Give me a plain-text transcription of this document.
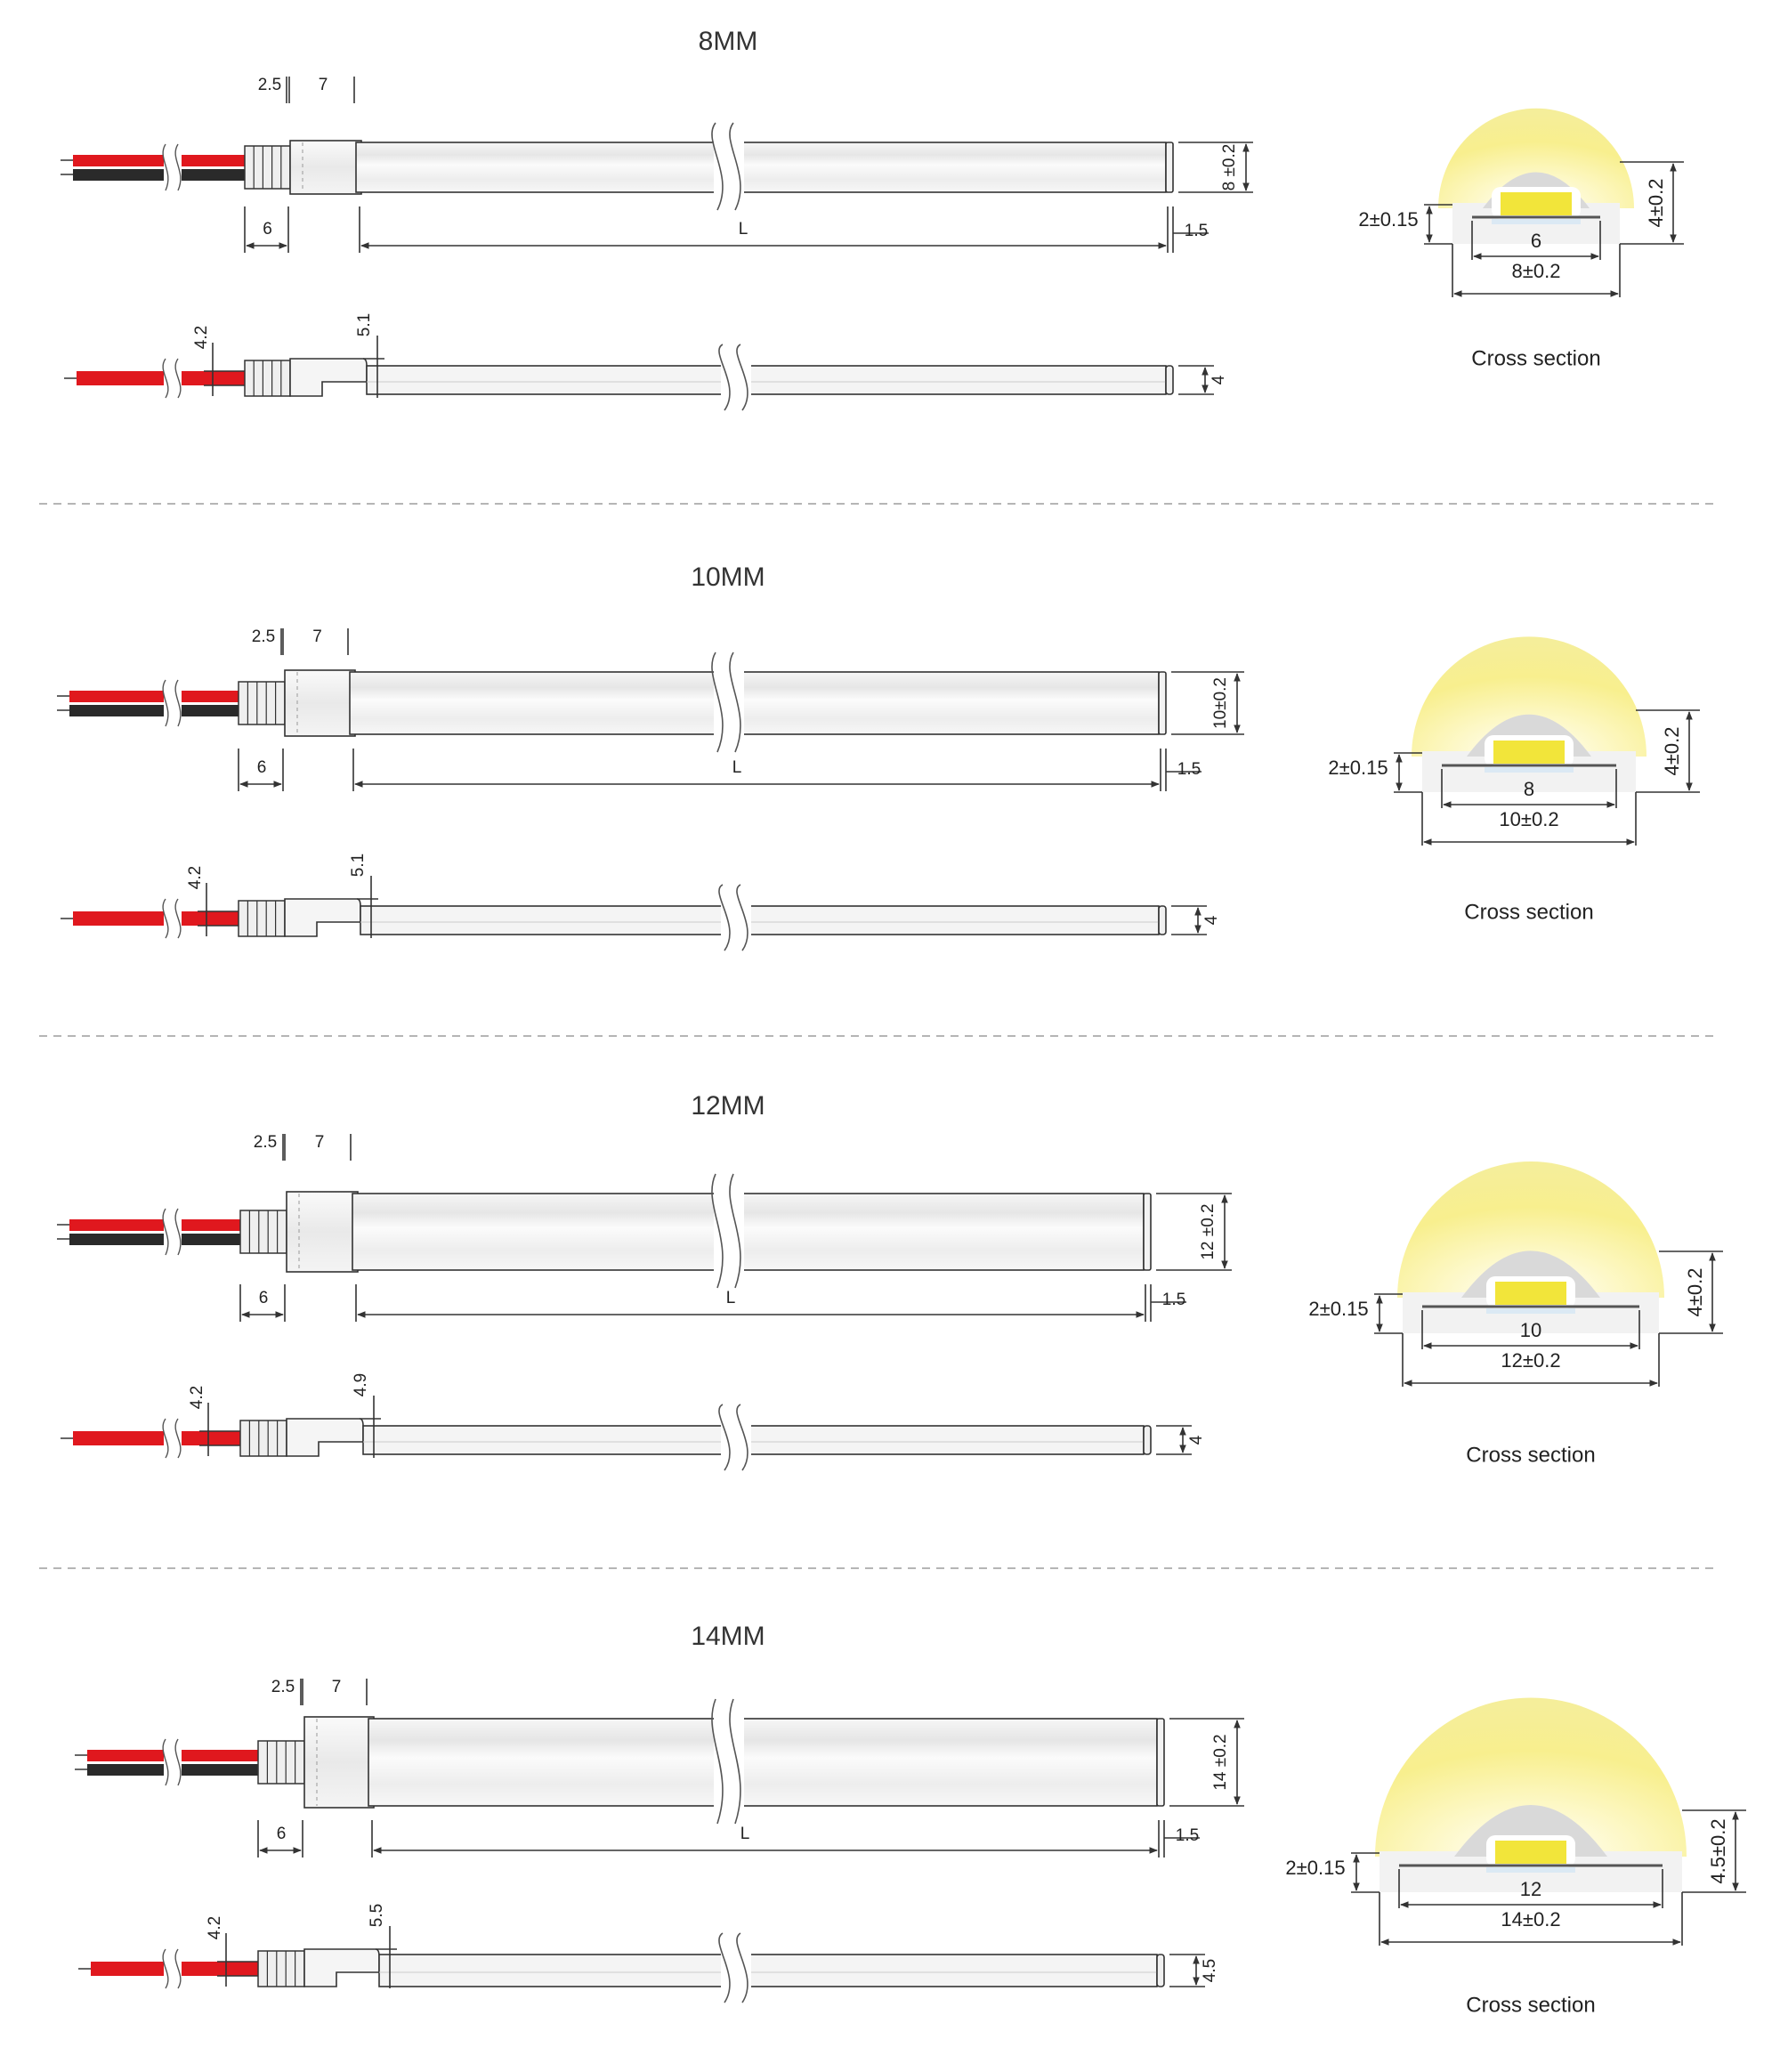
8MM
2.5 7
8 ±0.2
6	L	1.5
4.2
5.1
4
2±0.15	4±0.2
6
8±0.2
Cross section
10MM
2.5 7
10±0.2
6	L	1.5
4.2
5.1
4
2±0.15	4±0.2
8
10±0.2
Cross section
12MM
2.5 7
12 ±0.2
6	L	1.5
4.2
4.9
4
2±0.15	4±0.2
10
12±0.2
Cross section
14MM
2.5 7
14 ±0.2
6	L	1.5
4.2
5.5
4.5
2±0.15	4.5±0.2
12
14±0.2
Cross section
